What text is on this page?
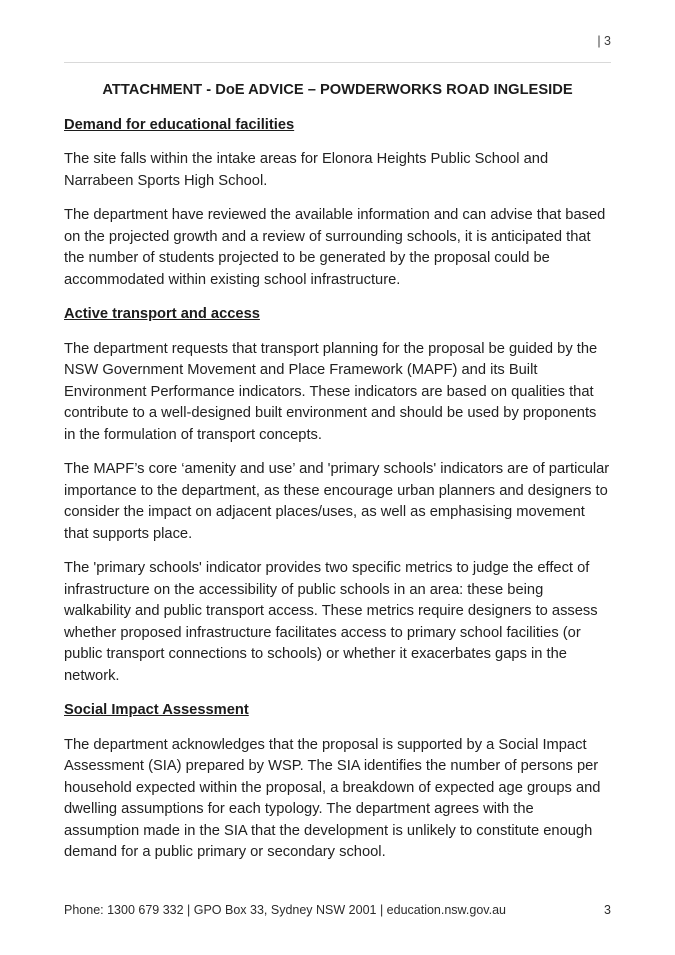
| 3
ATTACHMENT - DoE ADVICE – POWDERWORKS ROAD INGLESIDE
Demand for educational facilities

The site falls within the intake areas for Elonora Heights Public School and Narrabeen Sports High School.

The department have reviewed the available information and can advise that based on the projected growth and a review of surrounding schools, it is anticipated that the number of students projected to be generated by the proposal could be accommodated within existing school infrastructure.

Active transport and access

The department requests that transport planning for the proposal be guided by the NSW Government Movement and Place Framework (MAPF) and its Built Environment Performance indicators. These indicators are based on qualities that contribute to a well-designed built environment and should be used by proponents in the formulation of transport concepts.

The MAPF’s core ‘amenity and use’ and 'primary schools' indicators are of particular importance to the department, as these encourage urban planners and designers to consider the impact on adjacent places/uses, as well as emphasising movement that supports place.

The 'primary schools' indicator provides two specific metrics to judge the effect of infrastructure on the accessibility of public schools in an area: these being walkability and public transport access. These metrics require designers to assess whether proposed infrastructure facilitates access to primary school facilities (or public transport connections to schools) or whether it exacerbates gaps in the network.

Social Impact Assessment

The department acknowledges that the proposal is supported by a Social Impact Assessment (SIA) prepared by WSP. The SIA identifies the number of persons per household expected within the proposal, a breakdown of expected age groups and dwelling assumptions for each typology. The department agrees with the assumption made in the SIA that the development is unlikely to constitute enough demand for a public primary or secondary school.

Phone: 1300 679 332 | GPO Box 33, Sydney NSW 2001 | education.nsw.gov.au	3
